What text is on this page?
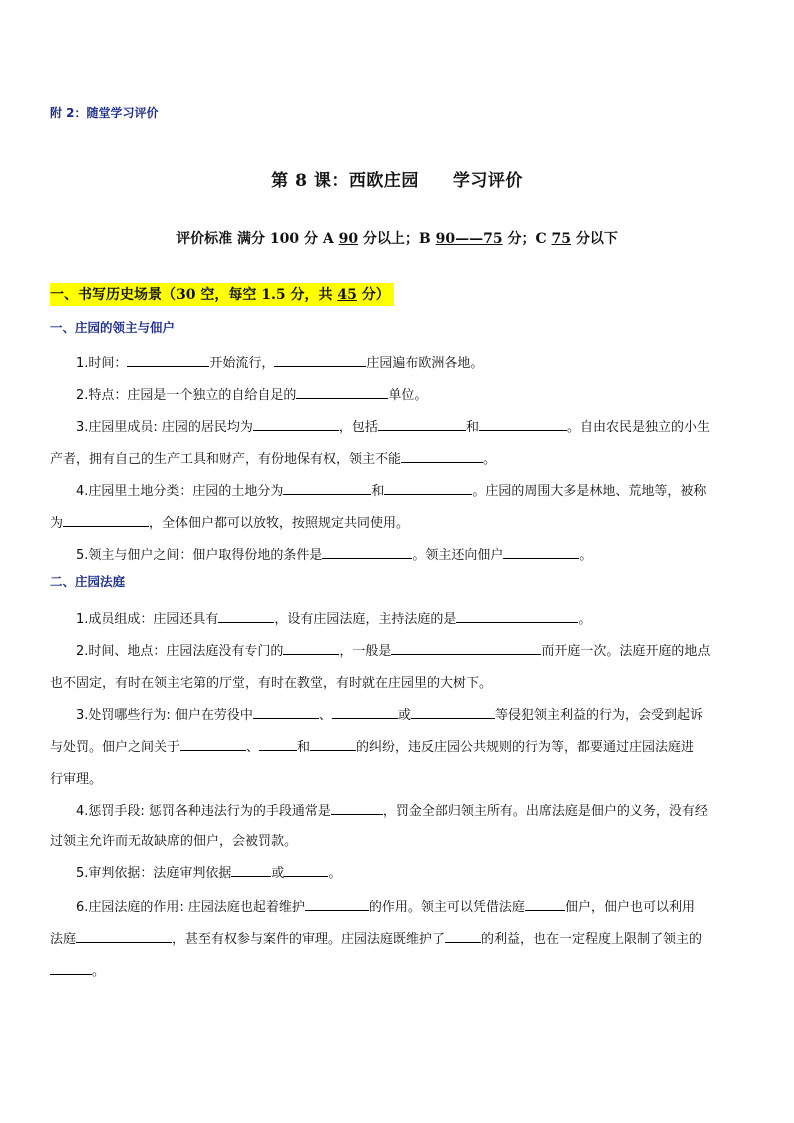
附 2：随堂学习评价
第 8 课：西欧庄园 学习评价
评价标准 满分 100 分 A 90 分以上；B 90——75 分；C 75 分以下
一、书写历史场景（30 空，每空 1.5 分，共 45 分）
一、庄园的领主与佃户
1.时间：	开始流行，	庄园遍布欧洲各地。
2.特点：庄园是一个独立的自给自足的	单位。
3.庄园里成员: 庄园的居民均为	，包括	和	。自由农民是独立的小生
产者，拥有自己的生产工具和财产，有份地保有权，领主不能	。
4.庄园里土地分类：庄园的土地分为	和	。庄园的周围大多是林地、荒地等，被称
为	，全体佃户都可以放牧，按照规定共同使用。
5.领主与佃户之间：佃户取得份地的条件是	。领主还向佃户	。
二、庄园法庭
1.成员组成：庄园还具有	，设有庄园法庭，主持法庭的是	。
2.时间、地点：庄园法庭没有专门的	，一般是	而开庭一次。法庭开庭的地点
也不固定，有时在领主宅第的厅堂，有时在教堂，有时就在庄园里的大树下。
3.处罚哪些行为: 佃户在劳役中	、	或	等侵犯领主利益的行为，会受到起诉
与处罚。佃户之间关于	、	和	的纠纷，违反庄园公共规则的行为等，都要通过庄园法庭进
行审理。
4.惩罚手段: 惩罚各种违法行为的手段通常是	，罚金全部归领主所有。出席法庭是佃户的义务，没有经
过领主允许而无故缺席的佃户，会被罚款。
5.审判依据：法庭审判依据	或	。
6.庄园法庭的作用: 庄园法庭也起着维护	的作用。领主可以凭借法庭	佃户，佃户也可以利用
法庭	，甚至有权参与案件的审理。庄园法庭既维护了	的利益，也在一定程度上限制了领主的
。
